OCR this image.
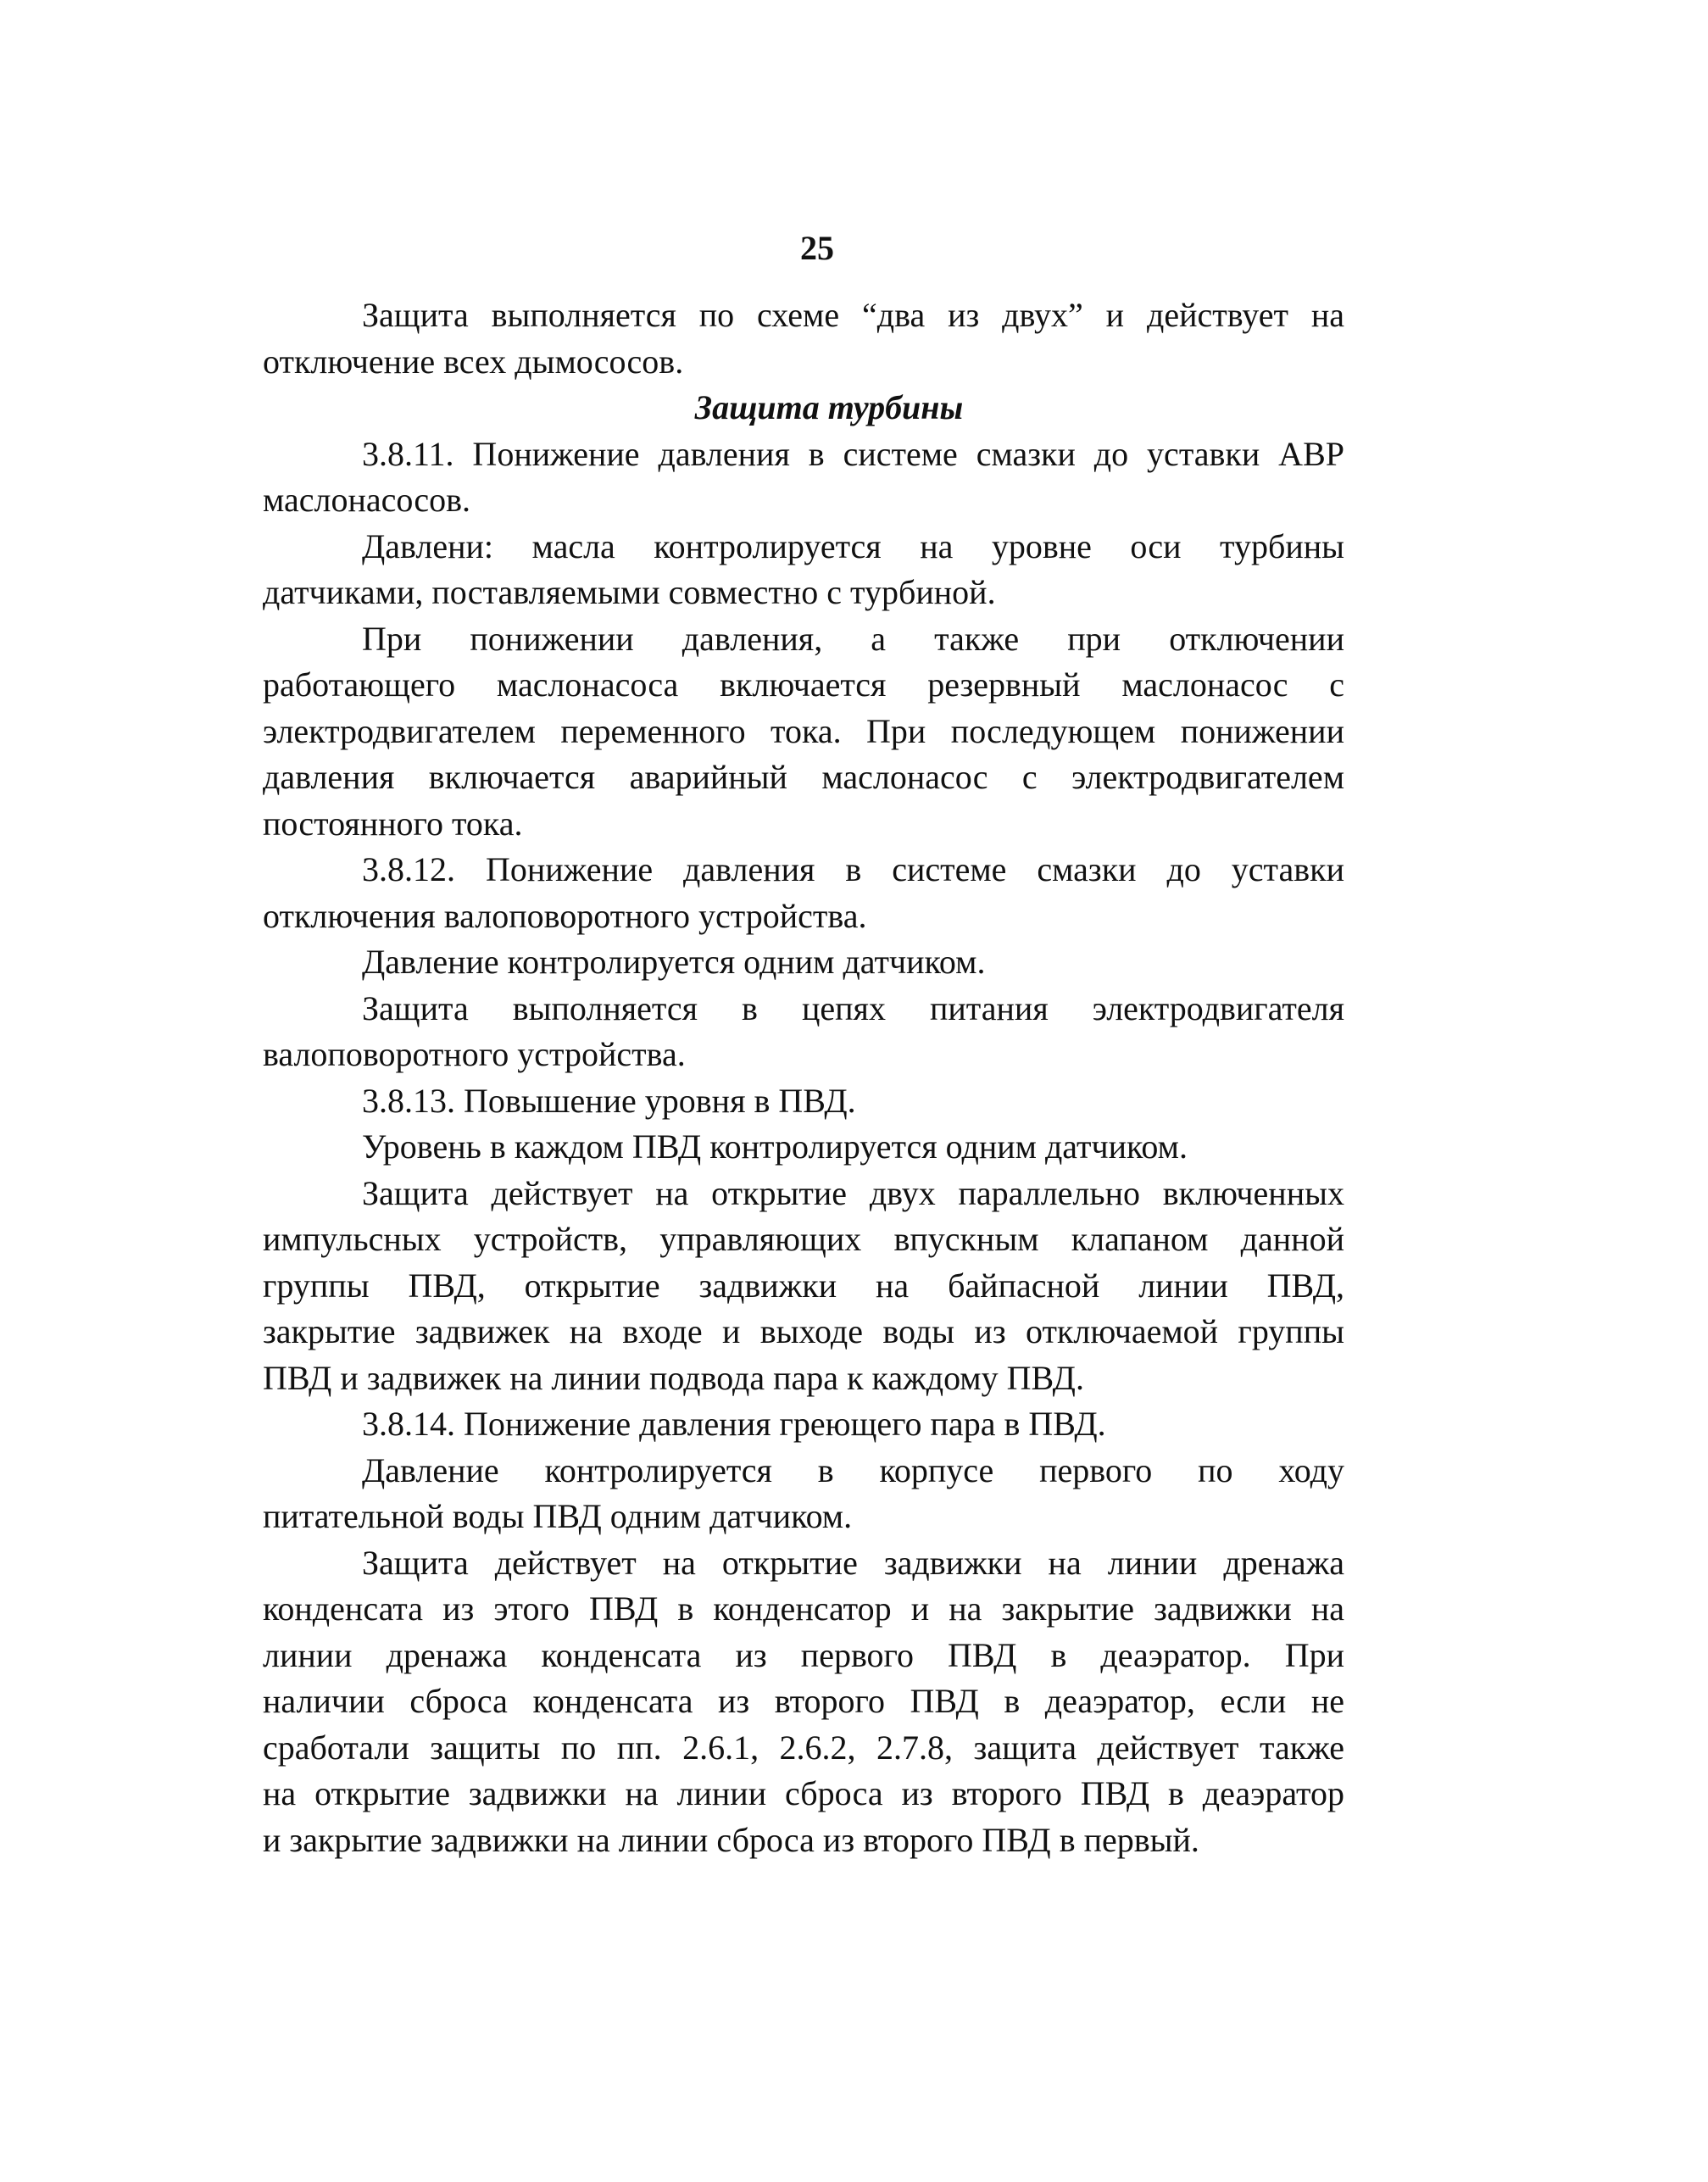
25

Защита выполняется по схеме “два из двух” и действует на
отключение всех дымососов.

Защита турбины

3.8.11. Понижение давления в системе смазки до уставки АВР
маслонасосов.

Давлени: масла контролируется на уровне оси турбины
датчиками, поставляемыми совместно с турбиной.

При понижении давления, а также при отключении
работающего маслонасоса включается резервный маслонасос с
электродвигателем переменного тока. При последующем понижении
давления включается аварийный маслонасос с электродвигателем
постоянного тока.

3.8.12. Понижение давления в системе смазки до уставки
отключения валоповоротного устройства.

Давление контролируется одним датчиком.

Защита выполняется в цепях питания электродвигателя
валоповоротного устройства.

3.8.13. Повышение уровня в ПВД.

Уровень в каждом ПВД контролируется одним датчиком.

Защита действует на открытие двух параллельно включенных
импульсных устройств, управляющих впускным клапаном данной
группы ПВД, открытие задвижки на байпасной линии ПВД,
закрытие задвижек на входе и выходе воды из отключаемой группы
ПВД и задвижек на линии подвода пара к каждому ПВД.

3.8.14. Понижение давления греющего пара в ПВД.

Давление контролируется в корпусе первого по ходу
питательной воды ПВД одним датчиком.

Защита действует на открытие задвижки на линии дренажа
конденсата из этого ПВД в конденсатор и на закрытие задвижки на
линии дренажа конденсата из первого ПВД в деаэратор. При
наличии сброса конденсата из второго ПВД в деаэратор, если не
сработали защиты по пп. 2.6.1, 2.6.2, 2.7.8, защита действует также
на открытие задвижки на линии сброса из второго ПВД в деаэратор
и закрытие задвижки на линии сброса из второго ПВД в первый.
